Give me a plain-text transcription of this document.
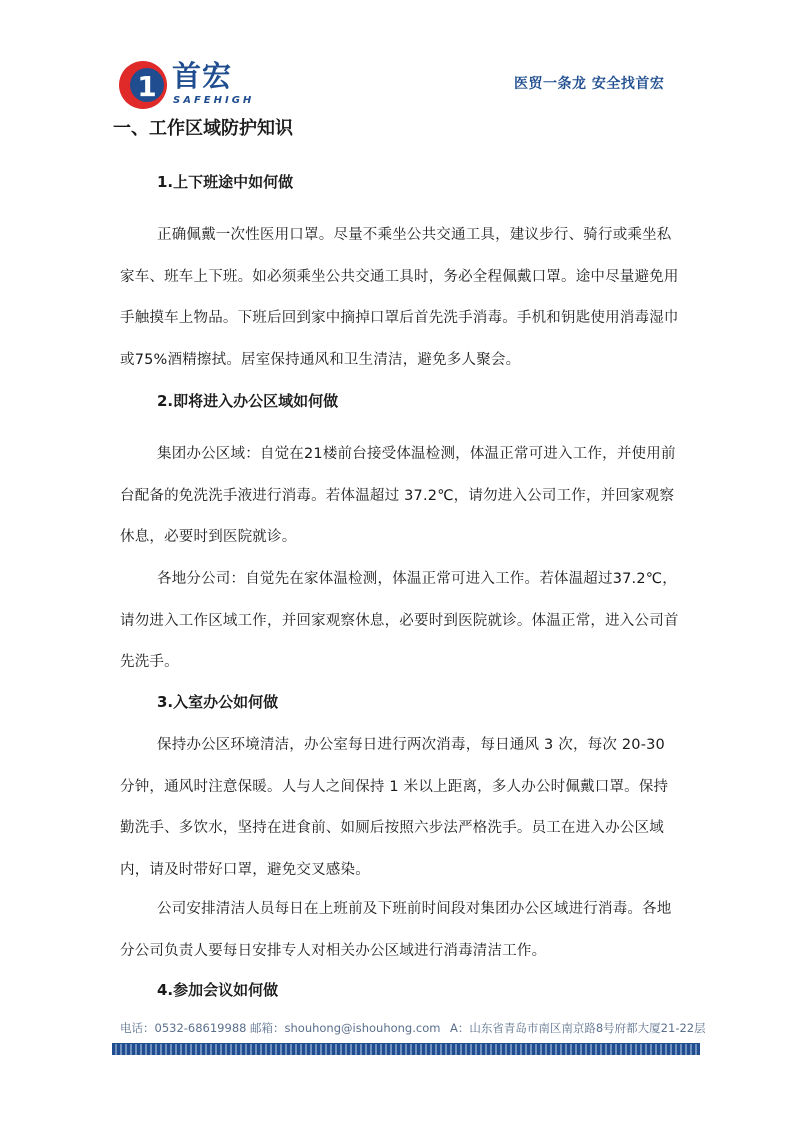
1 首宏
SAFEHIGH
医贸一条龙 安全找首宏
一、工作区域防护知识
1.上下班途中如何做
正确佩戴一次性医用口罩。尽量不乘坐公共交通工具，建议步行、骑行或乘坐私家车、班车上下班。如必须乘坐公共交通工具时，务必全程佩戴口罩。途中尽量避免用手触摸车上物品。下班后回到家中摘掉口罩后首先洗手消毒。手机和钥匙使用消毒湿巾或75%酒精擦拭。居室保持通风和卫生清洁，避免多人聚会。
2.即将进入办公区域如何做
集团办公区域：自觉在21楼前台接受体温检测，体温正常可进入工作，并使用前台配备的免洗洗手液进行消毒。若体温超过 37.2℃，请勿进入公司工作，并回家观察休息，必要时到医院就诊。
各地分公司：自觉先在家体温检测，体温正常可进入工作。若体温超过37.2℃，请勿进入工作区域工作，并回家观察休息，必要时到医院就诊。体温正常，进入公司首先洗手。
3.入室办公如何做
保持办公区环境清洁，办公室每日进行两次消毒，每日通风 3 次，每次 20-30 分钟，通风时注意保暖。人与人之间保持 1 米以上距离，多人办公时佩戴口罩。保持勤洗手、多饮水，坚持在进食前、如厕后按照六步法严格洗手。员工在进入办公区域内，请及时带好口罩，避免交叉感染。
公司安排清洁人员每日在上班前及下班前时间段对集团办公区域进行消毒。各地分公司负责人要每日安排专人对相关办公区域进行消毒清洁工作。
4.参加会议如何做
电话：0532-68619988 邮箱：shouhong@ishouhong.com A：山东省青岛市南区南京路8号府都大厦21-22层
